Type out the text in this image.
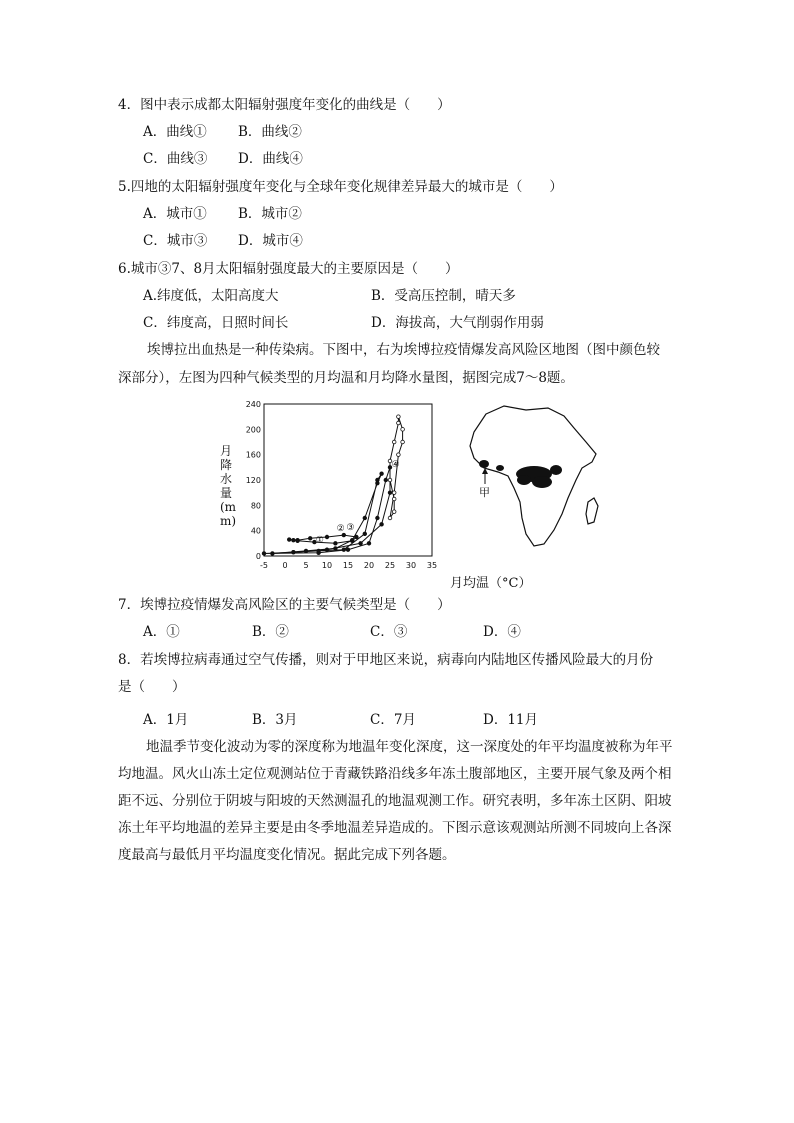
4．图中表示成都太阳辐射强度年变化的曲线是（　　）
A．曲线① B．曲线②
C．曲线③ D．曲线④
5.四地的太阳辐射强度年变化与全球年变化规律差异最大的城市是（　　）
A．城市① B．城市②
C．城市③ D．城市④
6.城市③7、8月太阳辐射强度最大的主要原因是（　　）
A.纬度低，太阳高度大	B．受高压控制，晴天多
C．纬度高，日照时间长	D．海拔高，大气削弱作用弱
埃博拉出血热是一种传染病。下图中，右为埃博拉疫情爆发高风险区地图（图中颜色较
深部分），左图为四种气候类型的月均温和月均降水量图，据图完成7～8题。
①
② ③
④
-5 0 5 10 15 20 25 30 35
0
40
80
120
160
200
240
月降水量(mm)
月均温（°C）
甲
7．埃博拉疫情爆发高风险区的主要气候类型是（　　）
A．①	B．②	C．③	D．④
8．若埃博拉病毒通过空气传播，则对于甲地区来说，病毒向内陆地区传播风险最大的月份
是（　　）
A．1月	B．3月	C．7月	D．11月
地温季节变化波动为零的深度称为地温年变化深度，这一深度处的年平均温度被称为年平均地温。风火山冻土定位观测站位于青藏铁路沿线多年冻土腹部地区，主要开展气象及两个相距不远、分别位于阴坡与阳坡的天然测温孔的地温观测工作。研究表明，多年冻土区阴、阳坡冻土年平均地温的差异主要是由冬季地温差异造成的。下图示意该观测站所测不同坡向上各深度最高与最低月平均温度变化情况。据此完成下列各题。
